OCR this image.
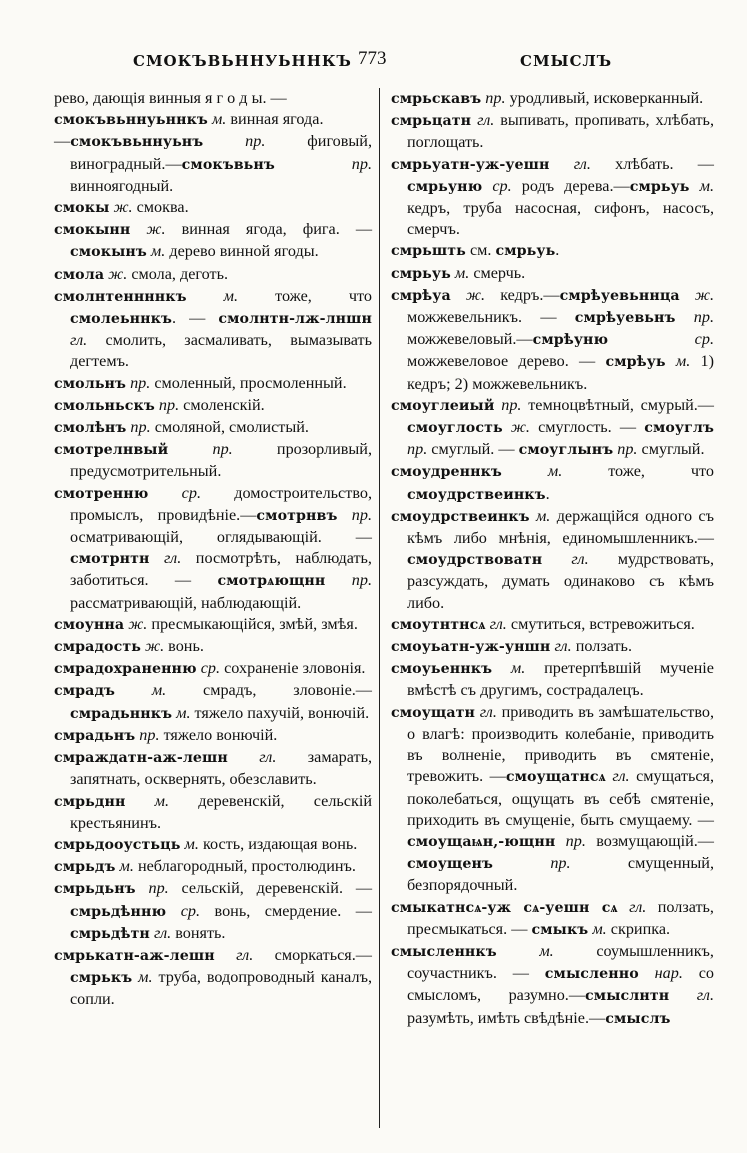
СМОКЪВЬННУЬННКЪ 773	СМЫСЛЪ

рево, дающія винныя я г о д ы. —

смокъвьннуьннкъ м. винная ягода.

—смокъвьннуьнъ пр. фиговый, виноградный.—смокъвьнъ пр. винноягодный.

смокы ж. смоква.

смокынн ж. винная ягода, фига. — смокынъ м. дерево винной ягоды.

смола ж. смола, деготь.

смолнтеннннкъ м. тоже, что смолеьннкъ. — смолнтн-лж-лншн гл. смолить, засмаливать, вымазывать дегтемъ.

смольнъ пр. смоленный, просмоленный.

смольньскъ пр. смоленскій.

смолѣнъ пр. смоляной, смолистый.

смотрелнвый пр. прозорливый, предусмотрительный.

смотренню ср. домостроительство, промыслъ, провидѣніе.—смотрнвъ пр. осматривающій, оглядывающій. — смотрнтн гл. посмотрѣть, наблюдать, заботиться. — смотрѧющнн пр. рассматривающій, наблюдающій.

смоунна ж. пресмыкающійся, змѣй, змѣя.

смрадость ж. вонь.

смрадохраненню ср. сохраненіе зловонія.

смрадъ м. смрадъ, зловоніе.—смрадьннкъ м. тяжело пахучій, вонючій.

смрадьнъ пр. тяжело вонючій.

смраждатн-аж-лешн гл. замарать, запятнать, осквернять, обезславить.

смрьднн м. деревенскій, сельскій крестьянинъ.

смрьдооустьць м. кость, издающая вонь.

смрьдъ м. неблагородный, простолюдинъ.

смрьдьнъ пр. сельскій, деревенскій. —смрьдѣнню ср. вонь, смердение. —смрьдѣтн гл. вонять.

смрькатн-аж-лешн гл. сморкаться.— смрькъ м. труба, водопроводный каналъ, сопли.

смрьскавъ пр. уродливый, исковерканный.

смрьцатн гл. выпивать, пропивать, хлѣбать, поглощать.

смрьуатн-уж-уешн гл. хлѣбать. — смрьуню ср. родъ дерева.—смрьуь м. кедръ, труба насосная, сифонъ, насосъ, смерчъ.

смрьшть см. смрьуь.

смрьуь м. смерчь.

смрѣуа ж. кедръ.—смрѣуевьннца ж. можжевельникъ. — смрѣуевьнъ пр. можжевеловый.—смрѣуню ср. можжевеловое дерево. — смрѣуь м. 1) кедръ; 2) можжевельникъ.

смоуглеиый пр. темноцвѣтный, смурый.—смоуглость ж. смуглость. — смоуглъ пр. смуглый. — смоуглынъ пр. смуглый.

смоудреннкъ м. тоже, что смоудрствеинкъ.

смоудрствеинкъ м. держащійся одного съ кѣмъ либо мнѣнія, единомышленникъ.—смоудрствоватн гл. мудрствовать, разсуждать, думать одинаково съ кѣмъ либо.

смоутнтнсѧ гл. смутиться, встревожиться.

смоуьатн-уж-уншн гл. ползать.

смоуьеннкъ м. претерпѣвшій мученіе вмѣстѣ съ другимъ, сострадалецъ.

смоущатн гл. приводить въ замѣшательство, о влагѣ: производить колебаніе, приводить въ волненіе, приводить въ смятеніе, тревожить. —смоущатнсѧ гл. смущаться, поколебаться, ощущать въ себѣ смятеніе, приходить въ смущеніе, быть смущаему. — смоущаѩн,-ющнн пр. возмущающій.—смоущенъ пр. смущенный, безпорядочный.

смыкатнсѧ-уж сѧ-уешн сѧ гл. ползать, пресмыкаться. — смыкъ м. скрипка.

смысленнкъ м. соумышленникъ, соучастникъ. — смысленно нар. со смысломъ, разумно.—смыслнтн гл. разумѣть, имѣть свѣдѣніе.—смыслъ
